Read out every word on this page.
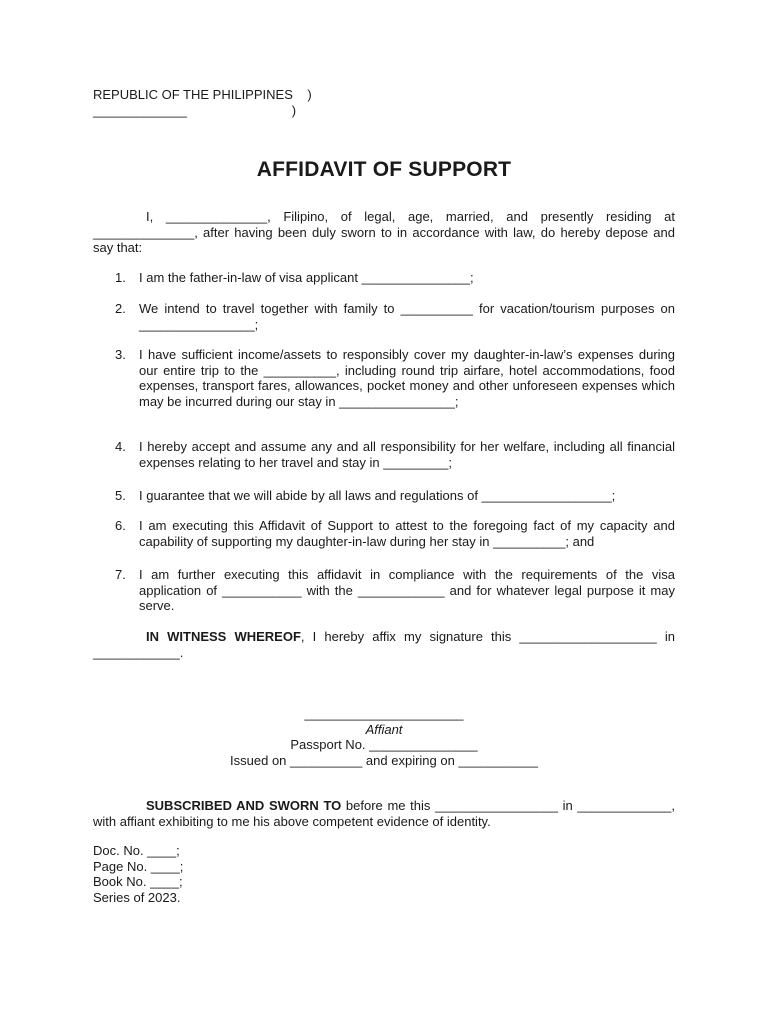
REPUBLIC OF THE PHILIPPINES    )
_____________                             )
AFFIDAVIT OF SUPPORT
I, ______________, Filipino, of legal, age, married, and presently residing at ______________, after having been duly sworn to in accordance with law, do hereby depose and say that:
1. I am the father-in-law of visa applicant _______________;
2. We intend to travel together with family to __________ for vacation/tourism purposes on ________________;
3. I have sufficient income/assets to responsibly cover my daughter-in-law’s expenses during our entire trip to the __________, including round trip airfare, hotel accommodations, food expenses, transport fares, allowances, pocket money and other unforeseen expenses which may be incurred during our stay in ________________;
4. I hereby accept and assume any and all responsibility for her welfare, including all financial expenses relating to her travel and stay in _________;
5. I guarantee that we will abide by all laws and regulations of __________________;
6. I am executing this Affidavit of Support to attest to the foregoing fact of my capacity and capability of supporting my daughter-in-law during her stay in __________; and
7. I am further executing this affidavit in compliance with the requirements of the visa application of ___________ with the ____________ and for whatever legal purpose it may serve.
IN WITNESS WHEREOF, I hereby affix my signature this ___________________ in ____________.
______________________
Affiant
Passport No. _______________
Issued on __________ and expiring on ___________
SUBSCRIBED AND SWORN TO before me this _________________ in _____________, with affiant exhibiting to me his above competent evidence of identity.
Doc. No. ____;
Page No. ____;
Book No. ____;
Series of 2023.
